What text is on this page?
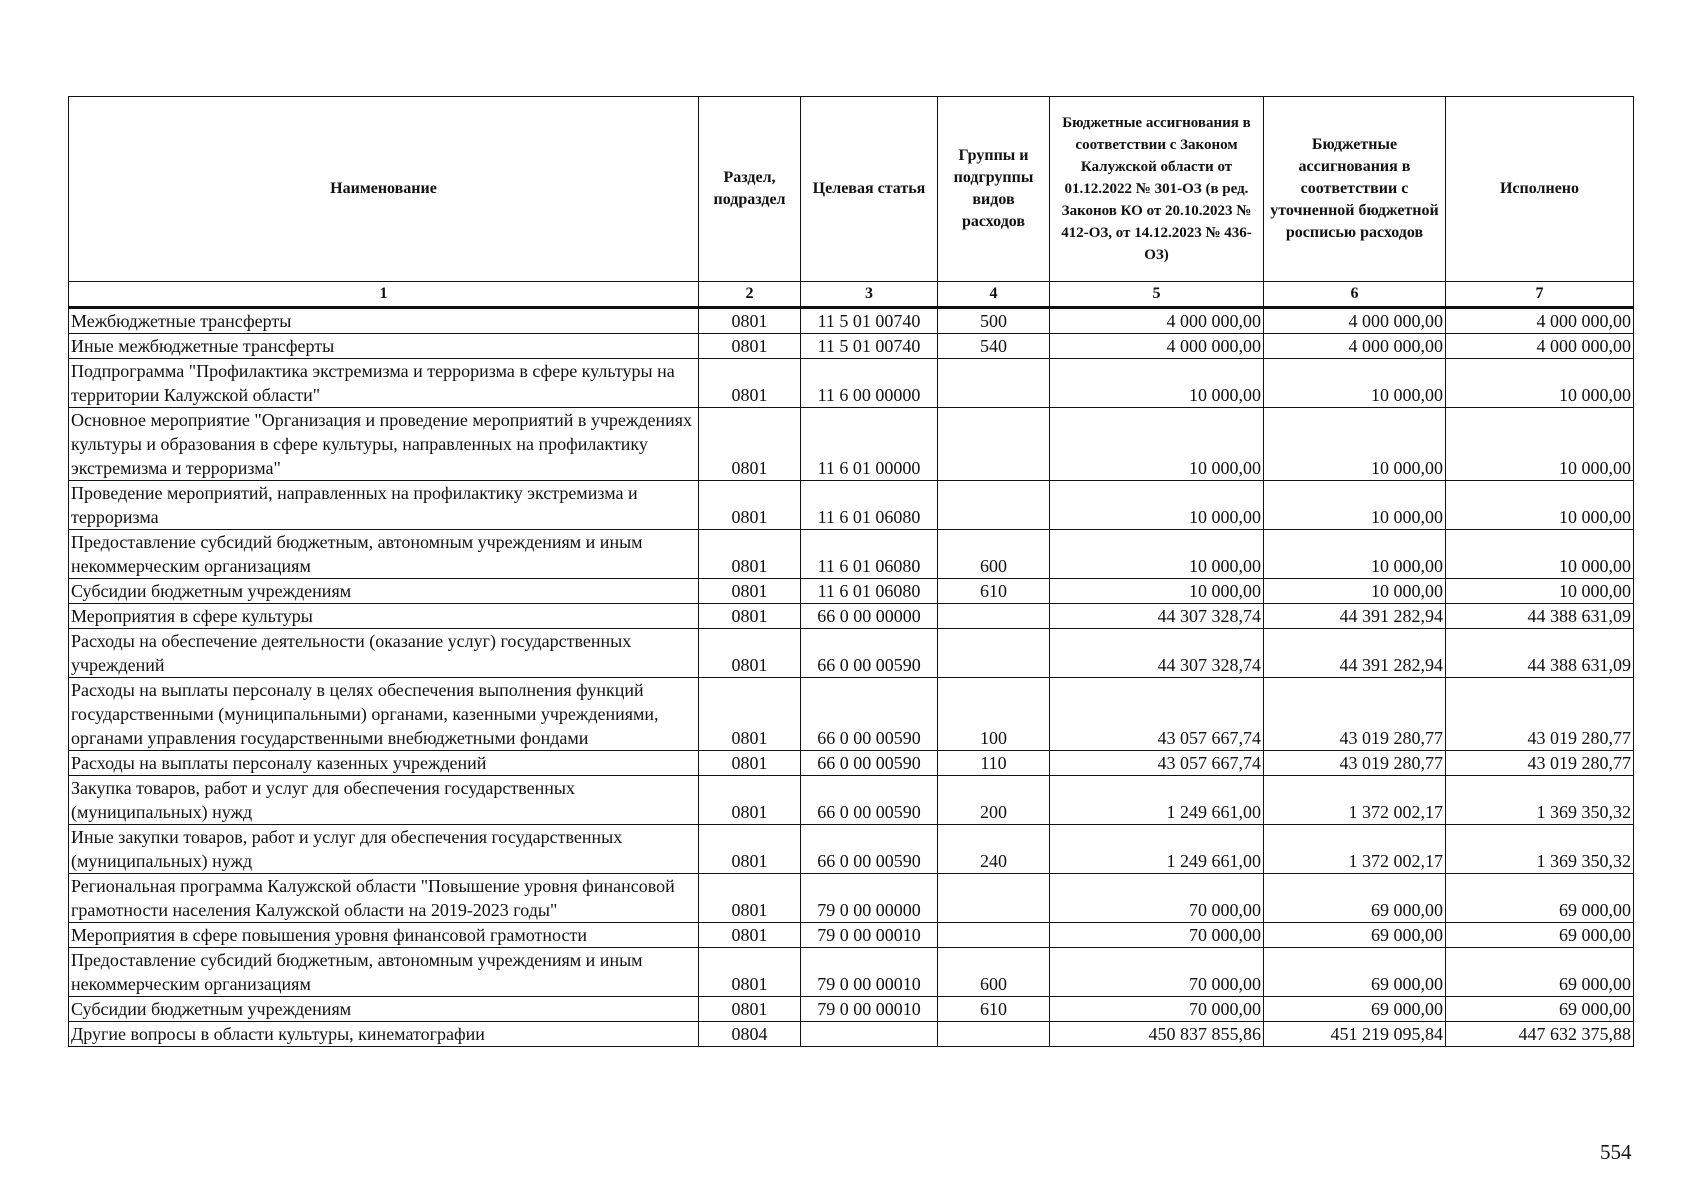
Наименование	Раздел, подраздел	Целевая статья	Группы и подгруппы видов расходов	Бюджетные ассигнования в соответствии с Законом Калужской области от 01.12.2022 № 301-ОЗ (в ред. Законов КО от 20.10.2023 № 412-ОЗ, от 14.12.2023 № 436-ОЗ)	Бюджетные ассигнования в соответствии с уточненной бюджетной росписью расходов	Исполнено
1	2	3	4	5	6	7
Межбюджетные трансферты	0801	11 5 01 00740	500	4 000 000,00	4 000 000,00	4 000 000,00
Иные межбюджетные трансферты	0801	11 5 01 00740	540	4 000 000,00	4 000 000,00	4 000 000,00
Подпрограмма "Профилактика экстремизма и терроризма в сфере культуры на территории Калужской области"	0801	11 6 00 00000		10 000,00	10 000,00	10 000,00
Основное мероприятие "Организация и проведение мероприятий в учреждениях культуры и образования в сфере культуры, направленных на профилактику экстремизма и терроризма"	0801	11 6 01 00000		10 000,00	10 000,00	10 000,00
Проведение мероприятий, направленных на профилактику экстремизма и терроризма	0801	11 6 01 06080		10 000,00	10 000,00	10 000,00
Предоставление субсидий бюджетным, автономным учреждениям и иным некоммерческим организациям	0801	11 6 01 06080	600	10 000,00	10 000,00	10 000,00
Субсидии бюджетным учреждениям	0801	11 6 01 06080	610	10 000,00	10 000,00	10 000,00
Мероприятия в сфере культуры	0801	66 0 00 00000		44 307 328,74	44 391 282,94	44 388 631,09
Расходы на обеспечение деятельности (оказание услуг) государственных учреждений	0801	66 0 00 00590		44 307 328,74	44 391 282,94	44 388 631,09
Расходы на выплаты персоналу в целях обеспечения выполнения функций государственными (муниципальными) органами, казенными учреждениями, органами управления государственными внебюджетными фондами	0801	66 0 00 00590	100	43 057 667,74	43 019 280,77	43 019 280,77
Расходы на выплаты персоналу казенных учреждений	0801	66 0 00 00590	110	43 057 667,74	43 019 280,77	43 019 280,77
Закупка товаров, работ и услуг для обеспечения государственных (муниципальных) нужд	0801	66 0 00 00590	200	1 249 661,00	1 372 002,17	1 369 350,32
Иные закупки товаров, работ и услуг для обеспечения государственных (муниципальных) нужд	0801	66 0 00 00590	240	1 249 661,00	1 372 002,17	1 369 350,32
Региональная программа Калужской области "Повышение уровня финансовой грамотности населения Калужской области на 2019-2023 годы"	0801	79 0 00 00000		70 000,00	69 000,00	69 000,00
Мероприятия в сфере повышения уровня финансовой грамотности	0801	79 0 00 00010		70 000,00	69 000,00	69 000,00
Предоставление субсидий бюджетным, автономным учреждениям и иным некоммерческим организациям	0801	79 0 00 00010	600	70 000,00	69 000,00	69 000,00
Субсидии бюджетным учреждениям	0801	79 0 00 00010	610	70 000,00	69 000,00	69 000,00
Другие вопросы в области культуры, кинематографии	0804			450 837 855,86	451 219 095,84	447 632 375,88
554
